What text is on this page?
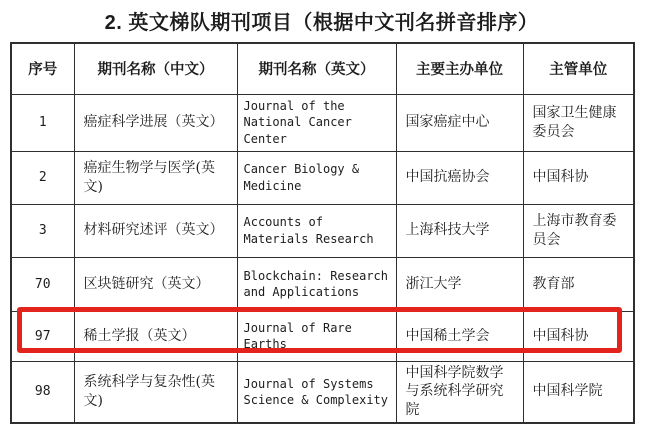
2. 英文梯队期刊项目（根据中文刊名拼音排序）
序号	期刊名称（中文）	期刊名称（英文）	主要主办单位	主管单位
1	癌症科学进展（英文）	Journal of the National Cancer Center	国家癌症中心	国家卫生健康委员会
2	癌症生物学与医学(英文)	Cancer Biology & Medicine	中国抗癌协会	中国科协
3	材料研究述评（英文）	Accounts of Materials Research	上海科技大学	上海市教育委员会
70	区块链研究（英文）	Blockchain: Research and Applications	浙江大学	教育部
97	稀土学报（英文）	Journal of Rare Earths	中国稀土学会	中国科协
98	系统科学与复杂性(英文)	Journal of Systems Science & Complexity	中国科学院数学与系统科学研究院	中国科学院
